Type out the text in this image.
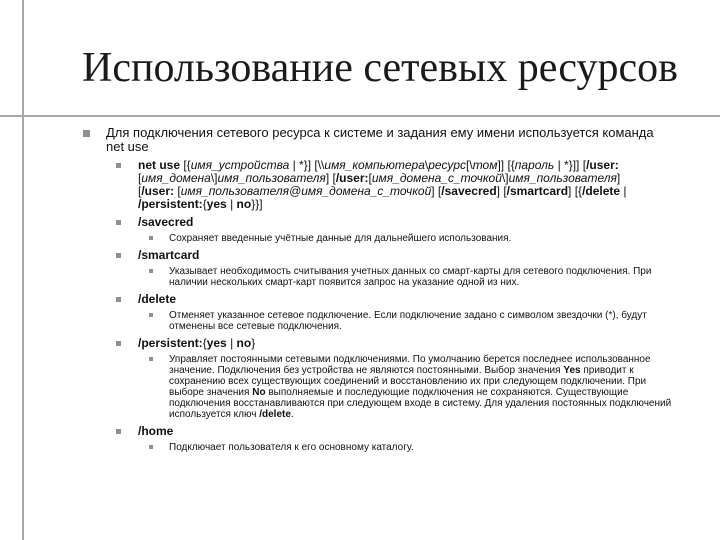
Использование сетевых ресурсов
Для подключения сетевого ресурса к системе и задания ему имени используется команда net use
net use [{имя_устройства | *}] [\\имя_компьютера\ресурс[\том]] [{пароль | *}]] [/user:[имя_домена\]имя_пользователя] [/user:[имя_домена_с_точкой\]имя_пользователя] [/user: [имя_пользователя@имя_домена_с_точкой] [/savecred] [/smartcard] [{/delete | /persistent:{yes | no}}]
/savecred
Сохраняет введенные учётные данные для дальнейшего использования.
/smartcard
Указывает необходимость считывания учетных данных со смарт-карты для сетевого подключения. При наличии нескольких смарт-карт появится запрос на указание одной из них.
/delete
Отменяет указанное сетевое подключение. Если подключение задано с символом звездочки (*), будут отменены все сетевые подключения.
/persistent:{yes | no}
Управляет постоянными сетевыми подключениями. По умолчанию берется последнее использованное значение. Подключения без устройства не являются постоянными. Выбор значения Yes приводит к сохранению всех существующих соединений и восстановлению их при следующем подключении. При выборе значения No выполняемые и последующие подключения не сохраняются. Существующие подключения восстанавливаются при следующем входе в систему. Для удаления постоянных подключений используется ключ /delete.
/home
Подключает пользователя к его основному каталогу.
